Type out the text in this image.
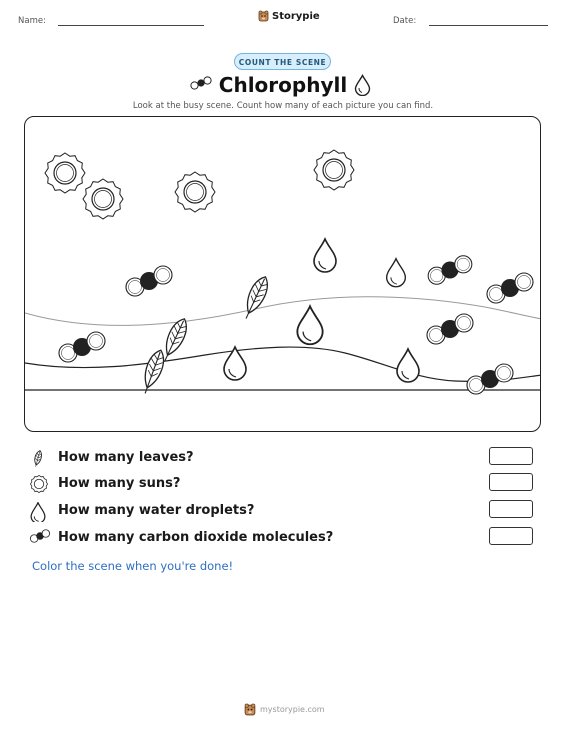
Name:	Storypie	Date:
COUNT THE SCENE
Chlorophyll
Look at the busy scene. Count how many of each picture you can find.
How many leaves?
How many suns?
How many water droplets?
How many carbon dioxide molecules?
Color the scene when you're done!
mystorypie.com
